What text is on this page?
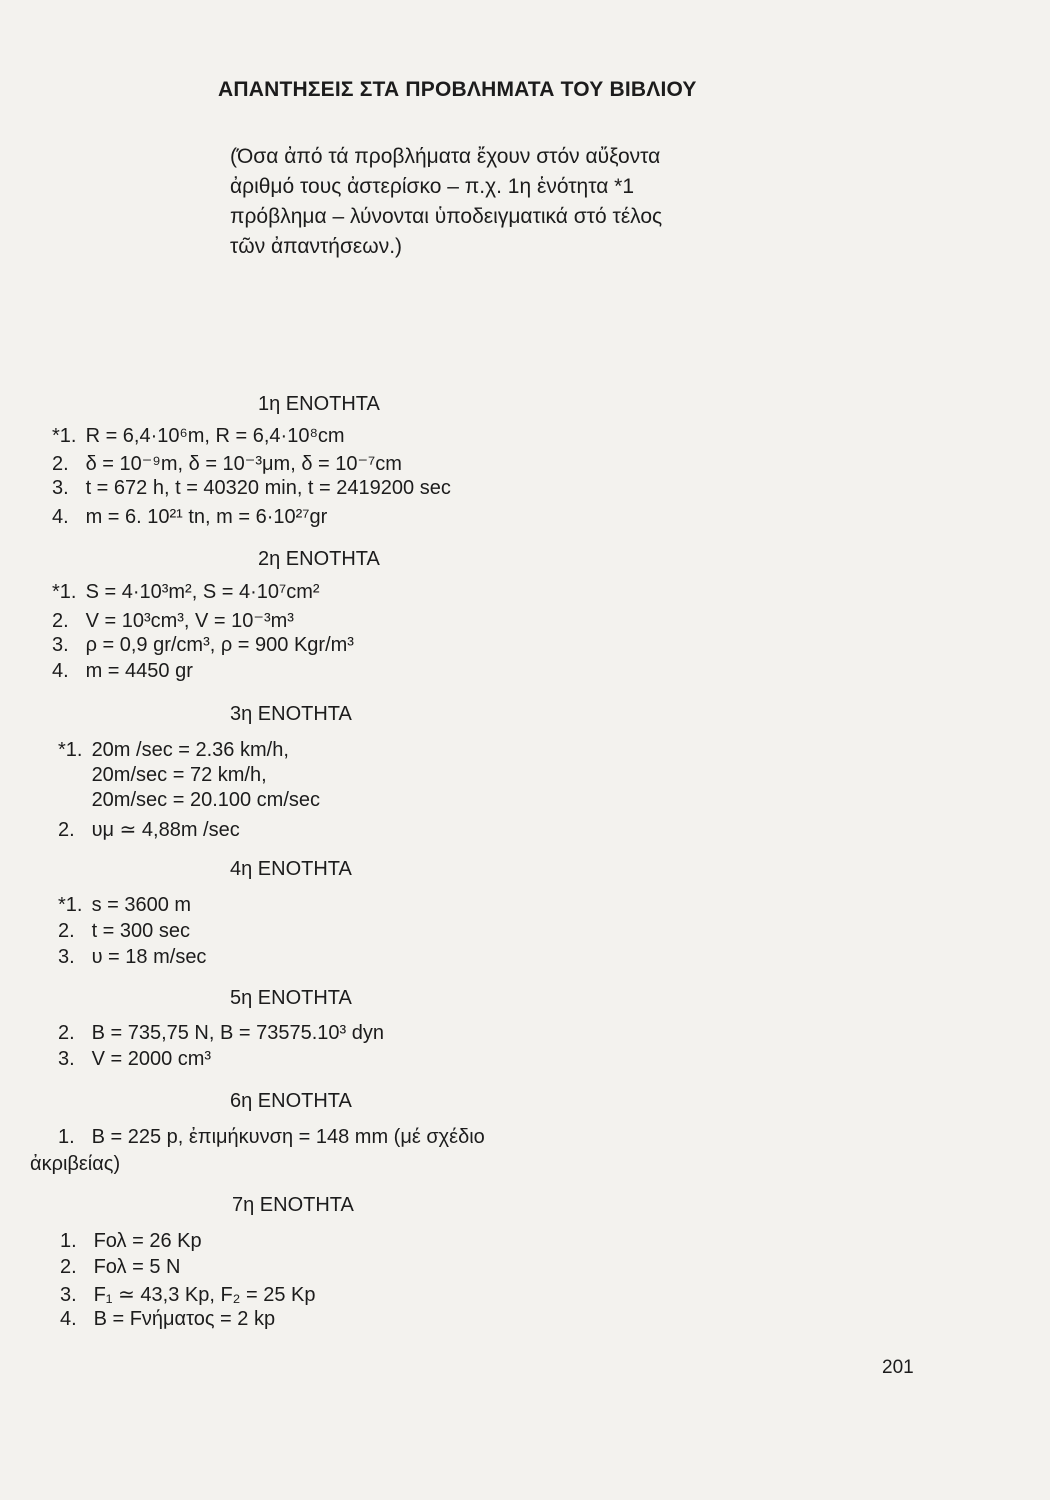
ΑΠΑΝΤΗΣΕΙΣ ΣΤΑ ΠΡΟΒΛΗΜΑΤΑ ΤΟΥ ΒΙΒΛΙΟΥ
(Όσα ἀπό τά προβλήματα ἔχουν στόν αὔξοντα
ἀριθμό τους ἀστερίσκο – π.χ. 1η ἑνότητα *1
πρόβλημα – λύνονται ὑποδειγματικά στό τέλος
τῶν ἀπαντήσεων.)
1η ΕΝΟΤΗΤΑ
*1. R = 6,4·10⁶m, R = 6,4·10⁸cm
2. δ = 10⁻⁹m, δ = 10⁻³μm, δ = 10⁻⁷cm
3. t = 672 h, t = 40320 min, t = 2419200 sec
4. m = 6. 10²¹ tn, m = 6·10²⁷gr
2η ΕΝΟΤΗΤΑ
*1. S = 4·10³m², S = 4·10⁷cm²
2. V = 10³cm³, V = 10⁻³m³
3. ρ = 0,9 gr/cm³, ρ = 900 Kgr/m³
4. m = 4450 gr
3η ΕΝΟΤΗΤΑ
*1. 20m /sec = 2.36 km/h,
20m/sec = 72 km/h,
20m/sec = 20.100 cm/sec
2. υμ ≃ 4,88m /sec
4η ΕΝΟΤΗΤΑ
*1. s = 3600 m
2. t = 300 sec
3. υ = 18 m/sec
5η ΕΝΟΤΗΤΑ
2. B = 735,75 N, B = 73575.10³ dyn
3. V = 2000 cm³
6η ΕΝΟΤΗΤΑ
1. B = 225 p, ἐπιμήκυνση = 148 mm (μέ σχέδιο
ἀκριβείας)
7η ΕΝΟΤΗΤΑ
1. Fολ = 26 Kp
2. Fολ = 5 N
3. F₁ ≃ 43,3 Kp, F₂ = 25 Kp
4. B = Fνήματος = 2 kp
201
